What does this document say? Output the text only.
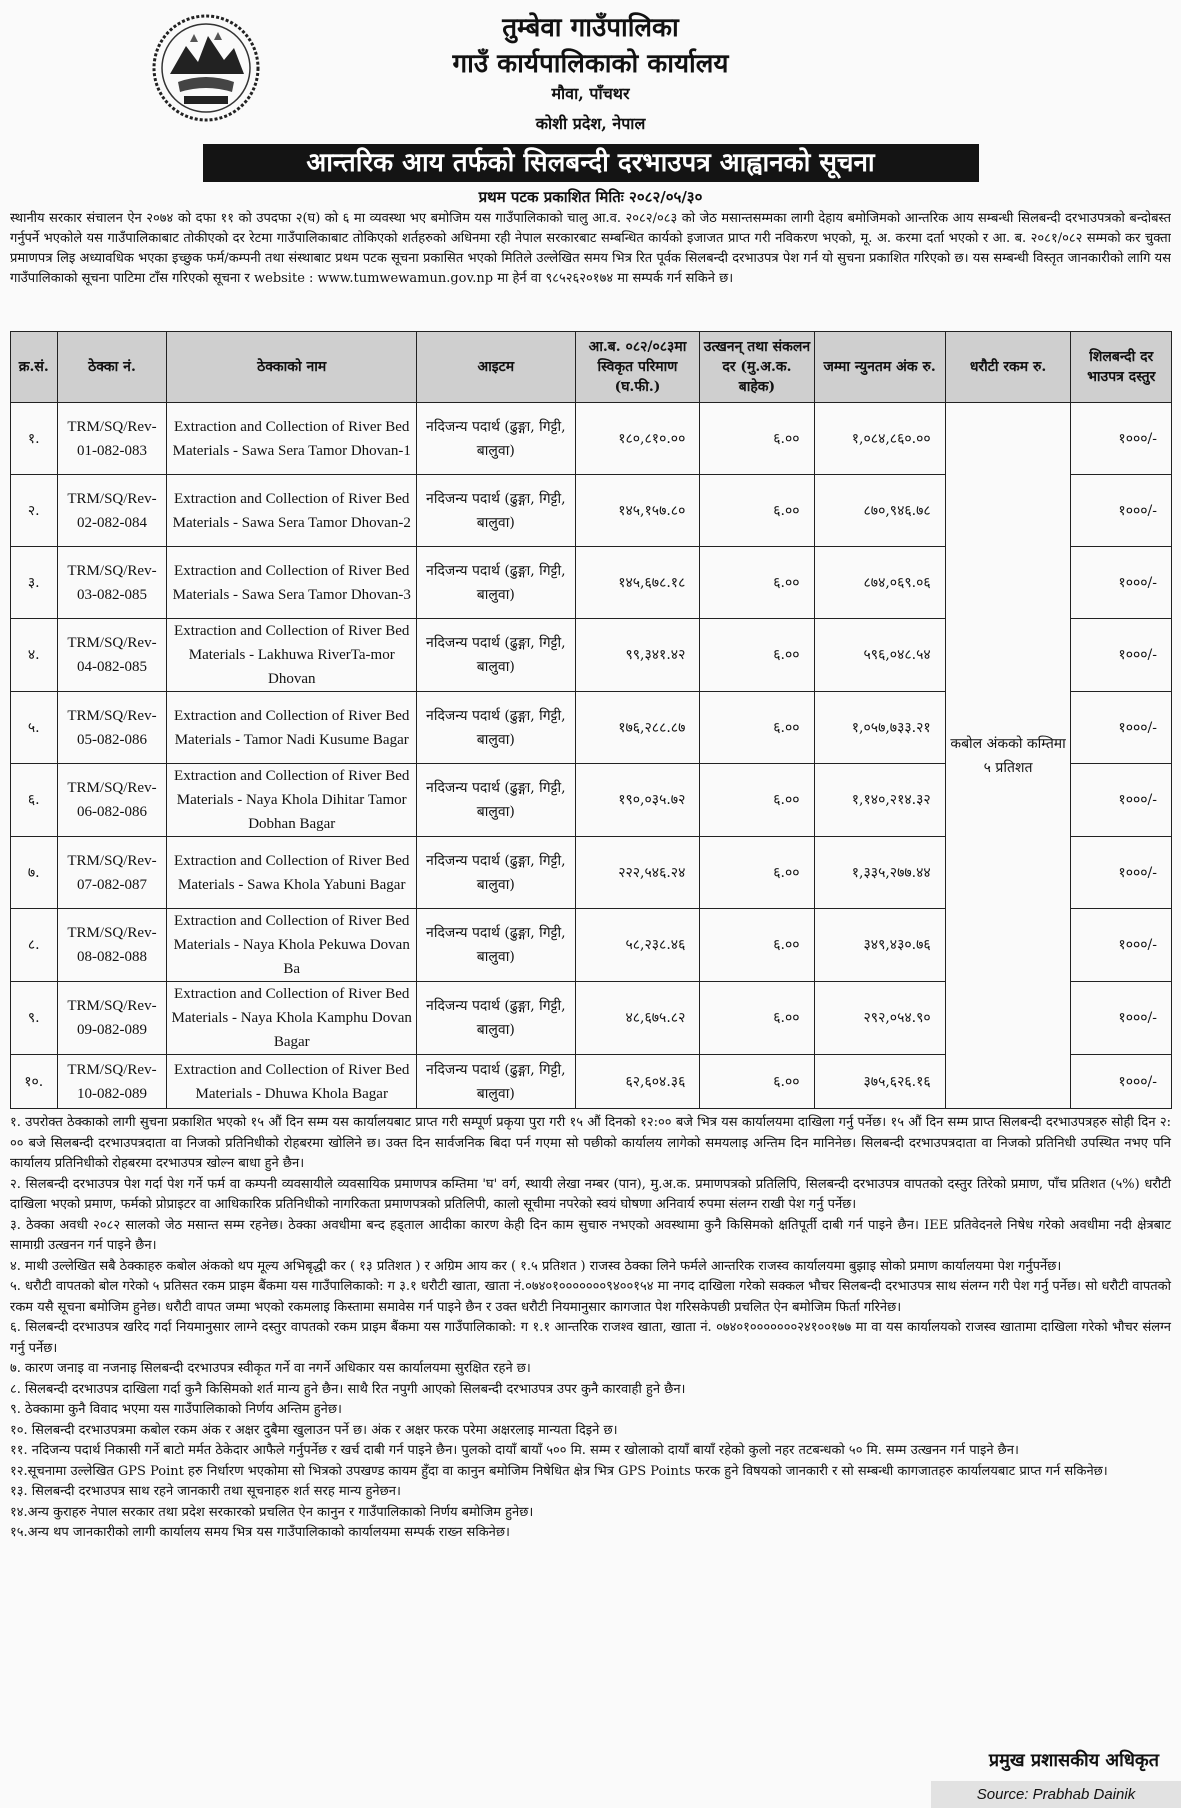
तुम्बेवा गाउँपालिका
गाउँ कार्यपालिकाको कार्यालय
मौवा, पाँचथर
कोशी प्रदेश, नेपाल
आन्तरिक आय तर्फको सिलबन्दी दरभाउपत्र आह्वानको सूचना
प्रथम पटक प्रकाशित मितिः २०८२/०५/३०
स्थानीय सरकार संचालन ऐन २०७४ को दफा ११ को उपदफा २(घ) को ६ मा व्यवस्था भए बमोजिम यस गाउँपालिकाको चालु आ.व. २०८२/०८३ को जेठ मसान्तसम्मका लागी देहाय बमोजिमको आन्तरिक आय सम्बन्धी सिलबन्दी दरभाउपत्रको बन्दोबस्त गर्नुपर्ने भएकोले यस गाउँपालिकाबाट तोकीएको दर रेटमा गाउँपालिकाबाट तोकिएको शर्तहरुको अधिनमा रही नेपाल सरकारबाट सम्बन्धित कार्यको इजाजत प्राप्त गरी नविकरण भएको, मू. अ. करमा दर्ता भएको र आ. ब. २०८१/०८२ सम्मको कर चुक्ता प्रमाणपत्र लिइ अध्यावधिक भएका इच्छुक फर्म/कम्पनी तथा संस्थाबाट प्रथम पटक सूचना प्रकासित भएको मितिले उल्लेखित समय भित्र रित पूर्वक सिलबन्दी दरभाउपत्र पेश गर्न यो सुचना प्रकाशित गरिएको छ। यस सम्बन्धी विस्तृत जानकारीको लागि यस गाउँपालिकाको सूचना पाटिमा टाँस गरिएको सूचना र website : www.tumwewamun.gov.np मा हेर्न वा ९८५२६२०१७४ मा सम्पर्क गर्न सकिने छ।
क्र.सं.	ठेक्का नं.	ठेक्काको नाम	आइटम	आ.ब. ०८२/०८३मा स्विकृत परिमाण (घ.फी.)	उत्खनन् तथा संकलन दर (मु.अ.क. बाहेक)	जम्मा न्युनतम अंक रु.	धरौटी रकम रु.	शिलबन्दी दर भाउपत्र दस्तुर
१.	TRM/SQ/Rev-01-082-083	Extraction and Collection of River Bed Materials - Sawa Sera Tamor Dhovan-1	नदिजन्य पदार्थ (ढुङ्गा, गिट्टी, बालुवा)	१८०,८१०.००	६.००	१,०८४,८६०.००	कबोल अंकको कम्तिमा ५ प्रतिशत	१०००/-
२.	TRM/SQ/Rev-02-082-084	Extraction and Collection of River Bed Materials - Sawa Sera Tamor Dhovan-2	नदिजन्य पदार्थ (ढुङ्गा, गिट्टी, बालुवा)	१४५,१५७.८०	६.००	८७०,९४६.७८		१०००/-
३.	TRM/SQ/Rev-03-082-085	Extraction and Collection of River Bed Materials - Sawa Sera Tamor Dhovan-3	नदिजन्य पदार्थ (ढुङ्गा, गिट्टी, बालुवा)	१४५,६७८.१८	६.००	८७४,०६९.०६		१०००/-
४.	TRM/SQ/Rev-04-082-085	Extraction and Collection of River Bed Materials - Lakhuwa RiverTa-mor Dhovan	नदिजन्य पदार्थ (ढुङ्गा, गिट्टी, बालुवा)	९९,३४१.४२	६.००	५९६,०४८.५४		१०००/-
५.	TRM/SQ/Rev-05-082-086	Extraction and Collection of River Bed Materials - Tamor Nadi Kusume Bagar	नदिजन्य पदार्थ (ढुङ्गा, गिट्टी, बालुवा)	१७६,२८८.८७	६.००	१,०५७,७३३.२१		१०००/-
६.	TRM/SQ/Rev-06-082-086	Extraction and Collection of River Bed Materials - Naya Khola Dihitar Tamor Dobhan Bagar	नदिजन्य पदार्थ (ढुङ्गा, गिट्टी, बालुवा)	१९०,०३५.७२	६.००	१,१४०,२१४.३२		१०००/-
७.	TRM/SQ/Rev-07-082-087	Extraction and Collection of River Bed Materials - Sawa Khola Yabuni Bagar	नदिजन्य पदार्थ (ढुङ्गा, गिट्टी, बालुवा)	२२२,५४६.२४	६.००	१,३३५,२७७.४४		१०००/-
८.	TRM/SQ/Rev-08-082-088	Extraction and Collection of River Bed Materials - Naya Khola Pekuwa Dovan Ba	नदिजन्य पदार्थ (ढुङ्गा, गिट्टी, बालुवा)	५८,२३८.४६	६.००	३४९,४३०.७६		१०००/-
९.	TRM/SQ/Rev-09-082-089	Extraction and Collection of River Bed Materials - Naya Khola Kamphu Dovan Bagar	नदिजन्य पदार्थ (ढुङ्गा, गिट्टी, बालुवा)	४८,६७५.८२	६.००	२९२,०५४.९०		१०००/-
१०.	TRM/SQ/Rev-10-082-089	Extraction and Collection of River Bed Materials - Dhuwa Khola Bagar	नदिजन्य पदार्थ (ढुङ्गा, गिट्टी, बालुवा)	६२,६०४.३६	६.००	३७५,६२६.१६		१०००/-

१. उपरोक्त ठेक्काको लागी सुचना प्रकाशित भएको १५ औं दिन सम्म यस कार्यालयबाट प्राप्त गरी सम्पूर्ण प्रकृया पुरा गरी १५ औं दिनको १२:०० बजे भित्र यस कार्यालयमा दाखिला गर्नु पर्नेछ। १५ औं दिन सम्म प्राप्त सिलबन्दी दरभाउपत्रहरु सोही दिन २: ०० बजे सिलबन्दी दरभाउपत्रदाता वा निजको प्रतिनिधीको रोहबरमा खोलिने छ। उक्त दिन सार्वजनिक बिदा पर्न गएमा सो पछीको कार्यालय लागेको समयलाइ अन्तिम दिन मानिनेछ। सिलबन्दी दरभाउपत्रदाता वा निजको प्रतिनिधी उपस्थित नभए पनि कार्यालय प्रतिनिधीको रोहबरमा दरभाउपत्र खोल्न बाधा हुने छैन।

२. सिलबन्दी दरभाउपत्र पेश गर्दा पेश गर्ने फर्म वा कम्पनी व्यवसायीले व्यवसायिक प्रमाणपत्र कम्तिमा 'घ' वर्ग, स्थायी लेखा नम्बर (पान), मु.अ.क. प्रमाणपत्रको प्रतिलिपि, सिलबन्दी दरभाउपत्र वापतको दस्तुर तिरेको प्रमाण, पाँच प्रतिशत (५%) धरौटी दाखिला भएको प्रमाण, फर्मको प्रोप्राइटर वा आधिकारिक प्रतिनिधीको नागरिकता प्रमाणपत्रको प्रतिलिपी, कालो सूचीमा नपरेको स्वयं घोषणा अनिवार्य रुपमा संलग्न राखी पेश गर्नु पर्नेछ।

३. ठेक्का अवधी २०८२ सालको जेठ मसान्त सम्म रहनेछ। ठेक्का अवधीमा बन्द हड्ताल आदीका कारण केही दिन काम सुचारु नभएको अवस्थामा कुनै किसिमको क्षतिपूर्ती दाबी गर्न पाइने छैन। IEE प्रतिवेदनले निषेध गरेको अवधीमा नदी क्षेत्रबाट सामाग्री उत्खनन गर्न पाइने छैन।

४. माथी उल्लेखित सबै ठेक्काहरु कबोल अंकको थप मूल्य अभिबृद्धी कर ( १३ प्रतिशत ) र अग्रिम आय कर ( १.५ प्रतिशत ) राजस्व ठेक्का लिने फर्मले आन्तरिक राजस्व कार्यालयमा बुझाइ सोको प्रमाण कार्यालयमा पेश गर्नुपर्नेछ।

५. धरौटी वापतको बोल गरेको ५ प्रतिसत रकम प्राइम बैंकमा यस गाउँपालिकाको: ग ३.१ धरौटी खाता, खाता नं.०७४०१०००००००९४००१५४ मा नगद दाखिला गरेको सक्कल भौचर सिलबन्दी दरभाउपत्र साथ संलग्न गरी पेश गर्नु पर्नेछ। सो धरौटी वापतको रकम यसै सूचना बमोजिम हुनेछ। धरौटी वापत जम्मा भएको रकमलाइ किस्तामा समावेस गर्न पाइने छैन र उक्त धरौटी नियमानुसार कागजात पेश गरिसकेपछी प्रचलित ऐन बमोजिम फिर्ता गरिनेछ।

६. सिलबन्दी दरभाउपत्र खरिद गर्दा नियमानुसार लाग्ने दस्तुर वापतको रकम प्राइम बैंकमा यस गाउँपालिकाको: ग १.१ आन्तरिक राजश्व खाता, खाता नं. ०७४०१०००००००२४१००१७७ मा वा यस कार्यालयको राजस्व खातामा दाखिला गरेको भौचर संलग्न गर्नु पर्नेछ।

७. कारण जनाइ वा नजनाइ सिलबन्दी दरभाउपत्र स्वीकृत गर्ने वा नगर्ने अधिकार यस कार्यालयमा सुरक्षित रहने छ।

८. सिलबन्दी दरभाउपत्र दाखिला गर्दा कुनै किसिमको शर्त मान्य हुने छैन। साथै रित नपुगी आएको सिलबन्दी दरभाउपत्र उपर कुनै कारवाही हुने छैन।

९. ठेक्कामा कुनै विवाद भएमा यस गाउँपालिकाको निर्णय अन्तिम हुनेछ।

१०. सिलबन्दी दरभाउपत्रमा कबोल रकम अंक र अक्षर दुबैमा खुलाउन पर्ने छ। अंक र अक्षर फरक परेमा अक्षरलाइ मान्यता दिइने छ।

११. नदिजन्य पदार्थ निकासी गर्ने बाटो मर्मत ठेकेदार आफैले गर्नुपर्नेछ र खर्च दाबी गर्न पाइने छैन। पुलको दायाँ बायाँ ५०० मि. सम्म र खोलाको दायाँ बायाँ रहेको कुलो नहर तटबन्धको ५० मि. सम्म उत्खनन गर्न पाइने छैन।

१२.सूचनामा उल्लेखित GPS Point हरु निर्धारण भएकोमा सो भित्रको उपखण्ड कायम हुँदा वा कानुन बमोजिम निषेधित क्षेत्र भित्र GPS Points फरक हुने विषयको जानकारी र सो सम्बन्धी कागजातहरु कार्यालयबाट प्राप्त गर्न सकिनेछ।

१३. सिलबन्दी दरभाउपत्र साथ रहने जानकारी तथा सूचनाहरु शर्त सरह मान्य हुनेछन।

१४.अन्य कुराहरु नेपाल सरकार तथा प्रदेश सरकारको प्रचलित ऐन कानुन र गाउँपालिकाको निर्णय बमोजिम हुनेछ।

१५.अन्य थप जानकारीको लागी कार्यालय समय भित्र यस गाउँपालिकाको कार्यालयमा सम्पर्क राख्न सकिनेछ।

प्रमुख प्रशासकीय अधिकृत
Source: Prabhab Dainik
